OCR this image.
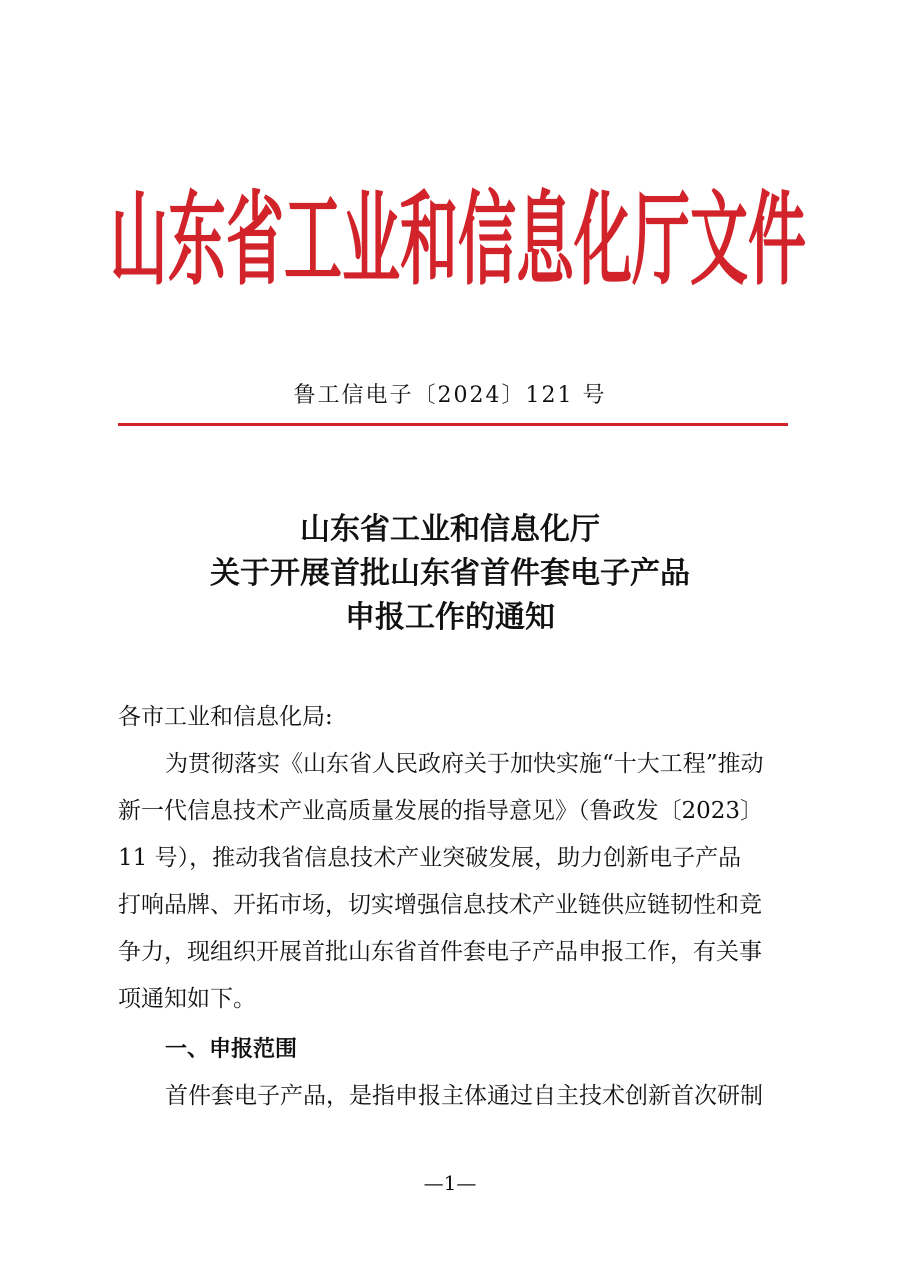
山东省工业和信息化厅文件
鲁工信电子〔2024〕121 号
山东省工业和信息化厅
关于开展首批山东省首件套电子产品
申报工作的通知
各市工业和信息化局:
为贯彻落实《山东省人民政府关于加快实施“十大工程”推动
新一代信息技术产业高质量发展的指导意见》（鲁政发〔2023〕
11 号），推动我省信息技术产业突破发展，助力创新电子产品
打响品牌、开拓市场，切实增强信息技术产业链供应链韧性和竞
争力，现组织开展首批山东省首件套电子产品申报工作，有关事
项通知如下。
一、申报范围
首件套电子产品，是指申报主体通过自主技术创新首次研制
—1—
